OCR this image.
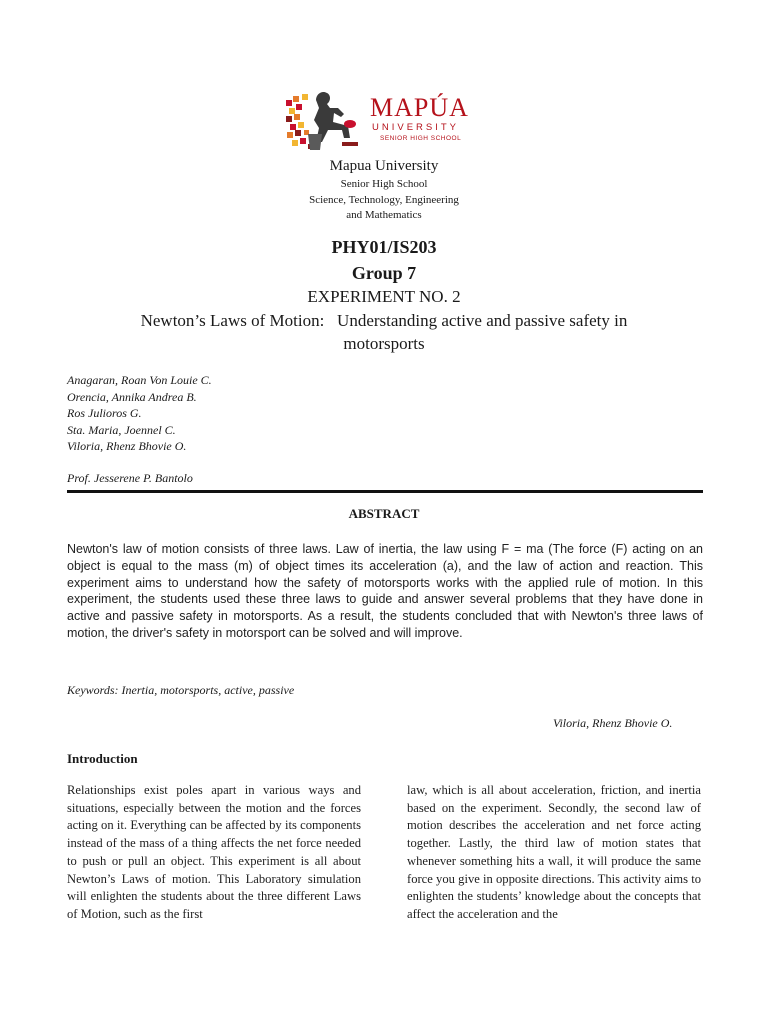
MAPÚA
UNIVERSITY
SENIOR HIGH SCHOOL
Mapua University
Senior High School
Science, Technology, Engineering
and Mathematics
PHY01/IS203
Group 7
EXPERIMENT NO. 2
Newton’s Laws of Motion:   Understanding active and passive safety in
motorsports
Anagaran, Roan Von Louie C.
Orencia, Annika Andrea B.
Ros Julioros G.
Sta. Maria, Joennel C.
Viloria, Rhenz Bhovie O.
Prof. Jesserene P. Bantolo
ABSTRACT
Newton's law of motion consists of three laws. Law of inertia, the law using F = ma (The force (F) acting on an object is equal to the mass (m) of object times its acceleration (a), and the law of action and reaction. This experiment aims to understand how the safety of motorsports works with the applied rule of motion. In this experiment, the students used these three laws to guide and answer several problems that they have done in active and passive safety in motorsports. As a result, the students concluded that with Newton's three laws of motion, the driver's safety in motorsport can be solved and will improve.
Keywords: Inertia, motorsports, active, passive
Viloria, Rhenz Bhovie O.
Introduction
Relationships exist poles apart in various ways and situations, especially between the motion and the forces acting on it. Everything can be affected by its components instead of the mass of a thing affects the net force needed to push or pull an object. This experiment is all about Newton’s Laws of motion. This Laboratory simulation will enlighten the students about the three different Laws of Motion, such as the first
law, which is all about acceleration, friction, and inertia based on the experiment. Secondly, the second law of motion describes the acceleration and net force acting together. Lastly, the third law of motion states that whenever something hits a wall, it will produce the same force you give in opposite directions. This activity aims to enlighten the students’ knowledge about the concepts that affect the acceleration and the
